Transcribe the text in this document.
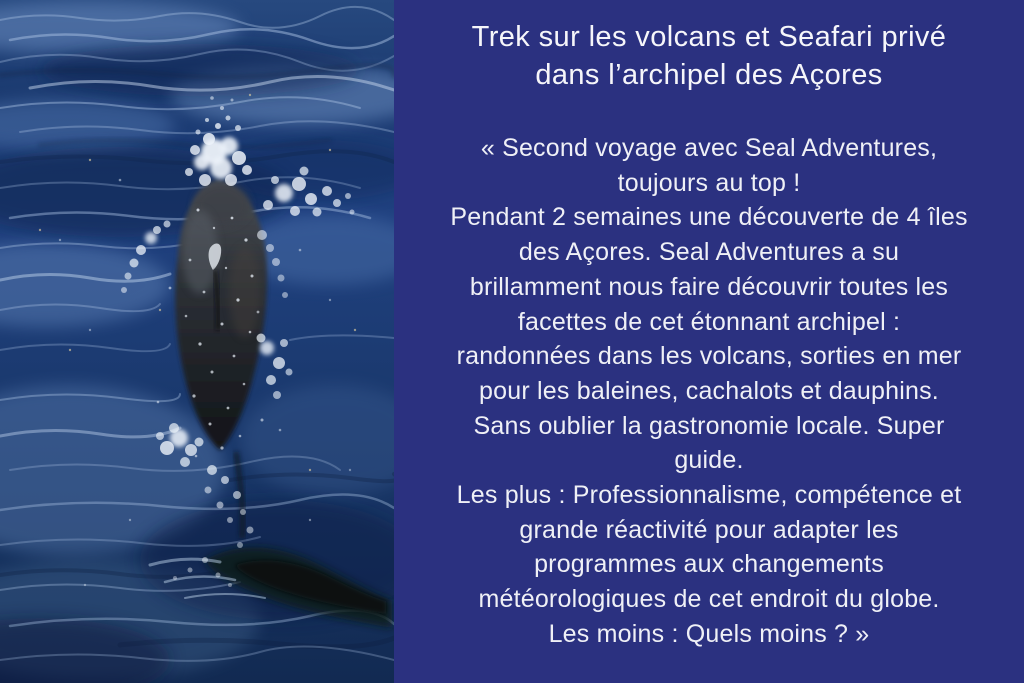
Trek sur les volcans et Seafari privé
dans l’archipel des Açores
« Second voyage avec Seal Adventures,
toujours au top !
Pendant 2 semaines une découverte de 4 îles
des Açores. Seal Adventures a su
brillamment nous faire découvrir toutes les
facettes de cet étonnant archipel :
randonnées dans les volcans, sorties en mer
pour les baleines, cachalots et dauphins.
Sans oublier la gastronomie locale. Super
guide.
Les plus : Professionnalisme, compétence et
grande réactivité pour adapter les
programmes aux changements
météorologiques de cet endroit du globe.
Les moins : Quels moins ? »
